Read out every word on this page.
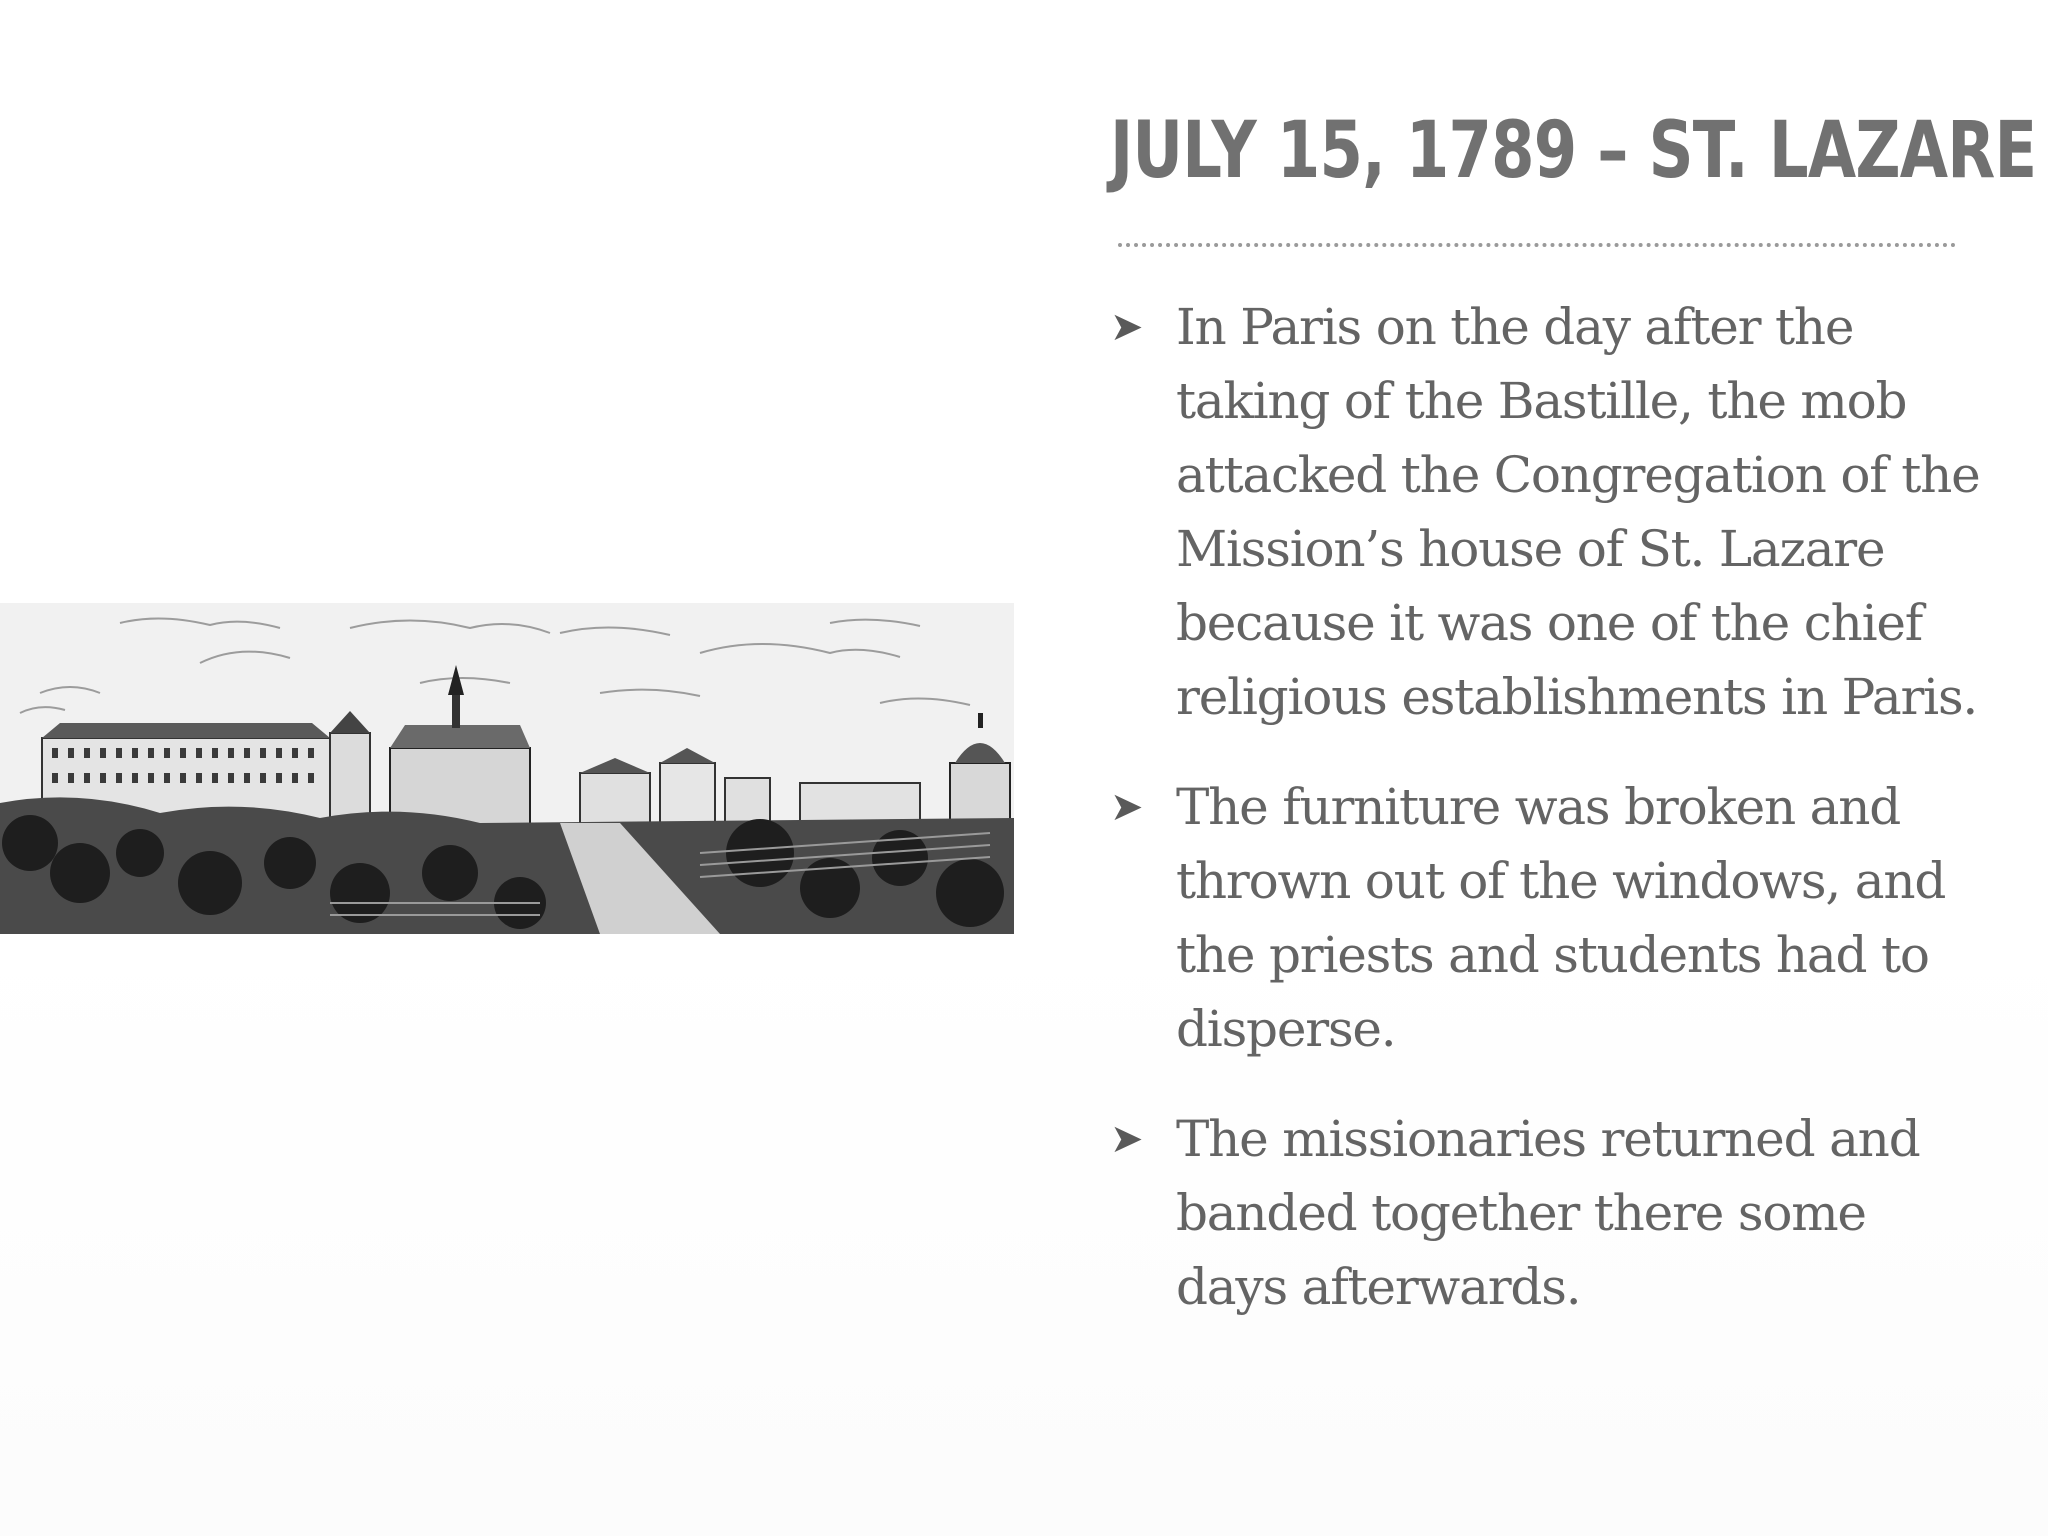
JULY 15, 1789 – ST. LAZARE
➤ In Paris on the day after the taking of the Bastille, the mob attacked the Congregation of the Mission’s house of St. Lazare because it was one of the chief religious establishments in Paris.
➤ The furniture was broken and thrown out of the windows, and the priests and students had to disperse.
➤ The missionaries returned and banded together there some days afterwards.
